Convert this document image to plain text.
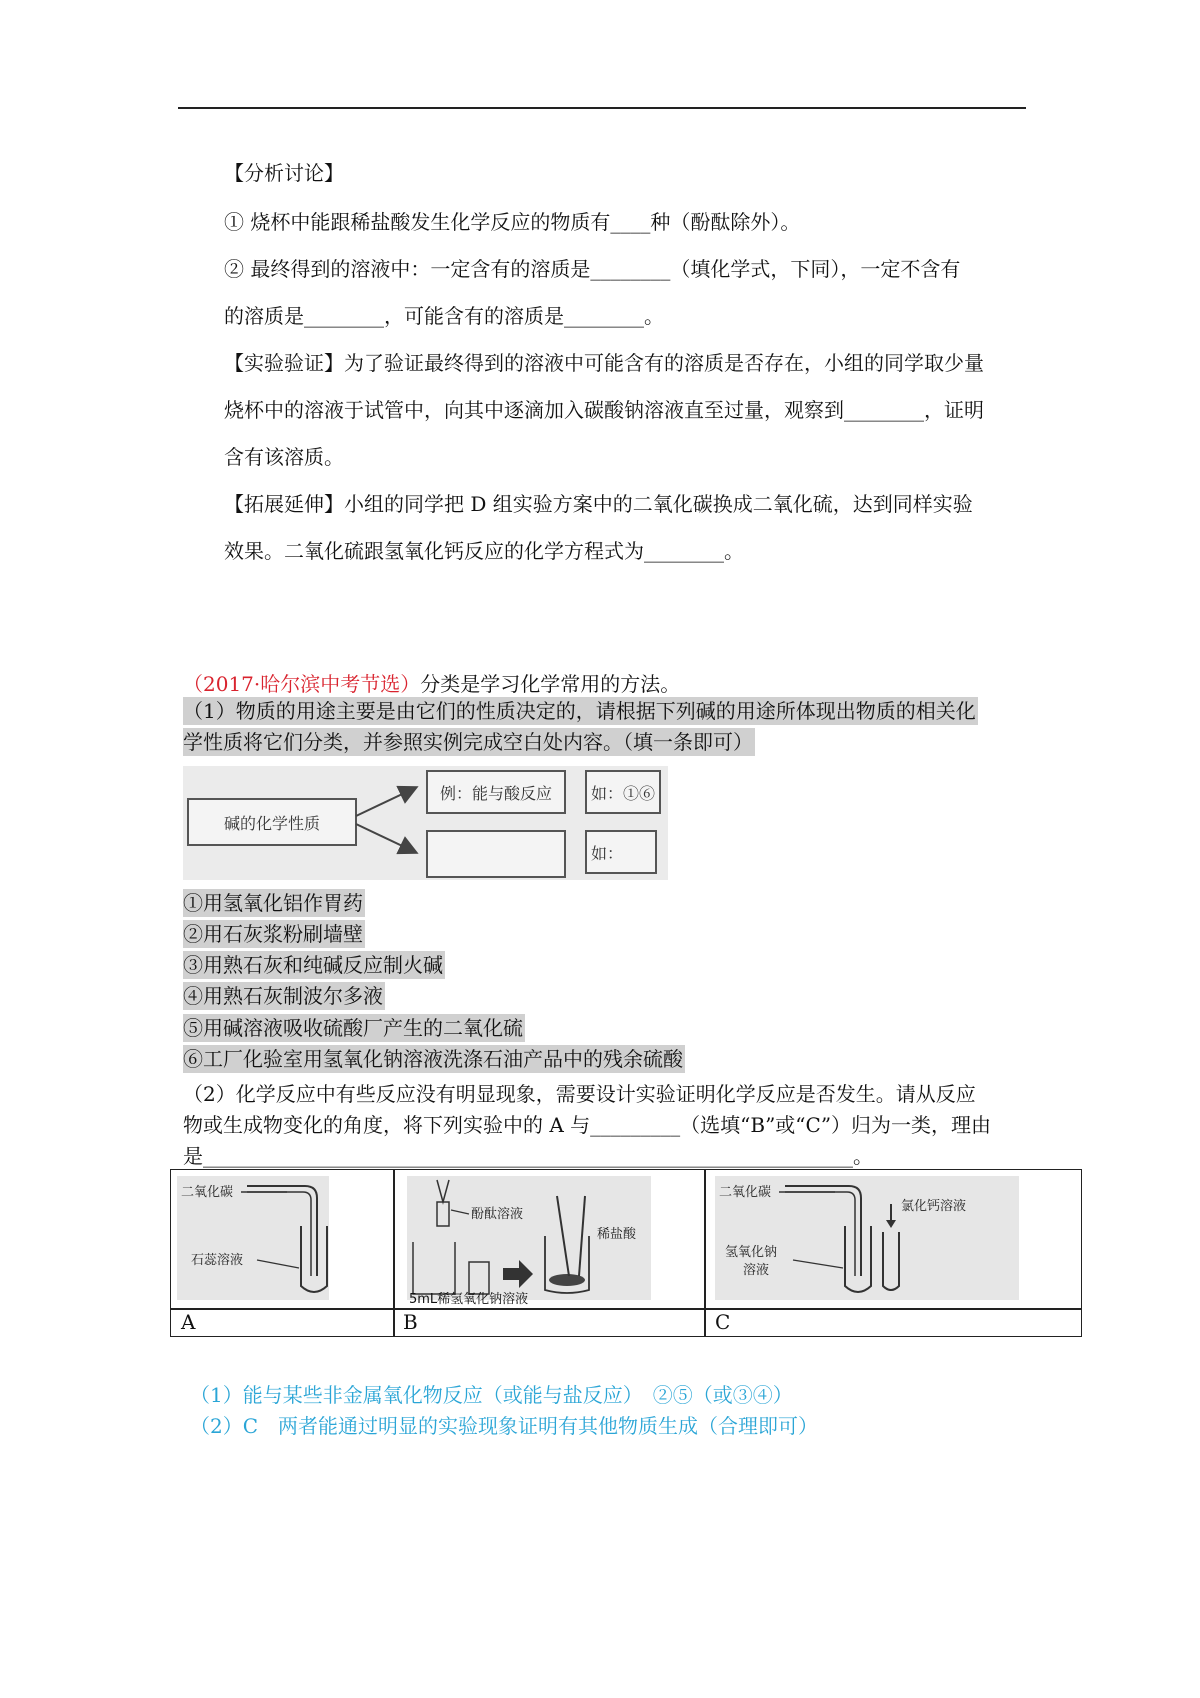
【分析讨论】
① 烧杯中能跟稀盐酸发生化学反应的物质有____种（酚酞除外）。
② 最终得到的溶液中：一定含有的溶质是________（填化学式，下同），一定不含有
的溶质是________，可能含有的溶质是________。
【实验验证】为了验证最终得到的溶液中可能含有的溶质是否存在，小组的同学取少量
烧杯中的溶液于试管中，向其中逐滴加入碳酸钠溶液直至过量，观察到________，证明
含有该溶质。
【拓展延伸】小组的同学把 D 组实验方案中的二氧化碳换成二氧化硫，达到同样实验
效果。二氧化硫跟氢氧化钙反应的化学方程式为________。
（2017·哈尔滨中考节选）分类是学习化学常用的方法。
（1）物质的用途主要是由它们的性质决定的，请根据下列碱的用途所体现出物质的相关化
学性质将它们分类，并参照实例完成空白处内容。（填一条即可）
碱的化学性质
例：能与酸反应	如：①⑥
如：
①用氢氧化铝作胃药
②用石灰浆粉刷墙壁
③用熟石灰和纯碱反应制火碱
④用熟石灰制波尔多液
⑤用碱溶液吸收硫酸厂产生的二氧化硫
⑥工厂化验室用氢氧化钠溶液洗涤石油产品中的残余硫酸
（2）化学反应中有些反应没有明显现象，需要设计实验证明化学反应是否发生。请从反应
物或生成物变化的角度，将下列实验中的 A 与_________（选填“B”或“C”）归为一类，理由
是_________________________________________________________________。
二氧化碳
石蕊溶液
A
酚酞溶液
稀盐酸
5mL稀氢氧化钠溶液
B
二氧化碳
氢氧化钠
溶液
氯化钙溶液
C
（1）能与某些非金属氧化物反应（或能与盐反应）　②⑤（或③④）
（2）C　两者能通过明显的实验现象证明有其他物质生成（合理即可）
